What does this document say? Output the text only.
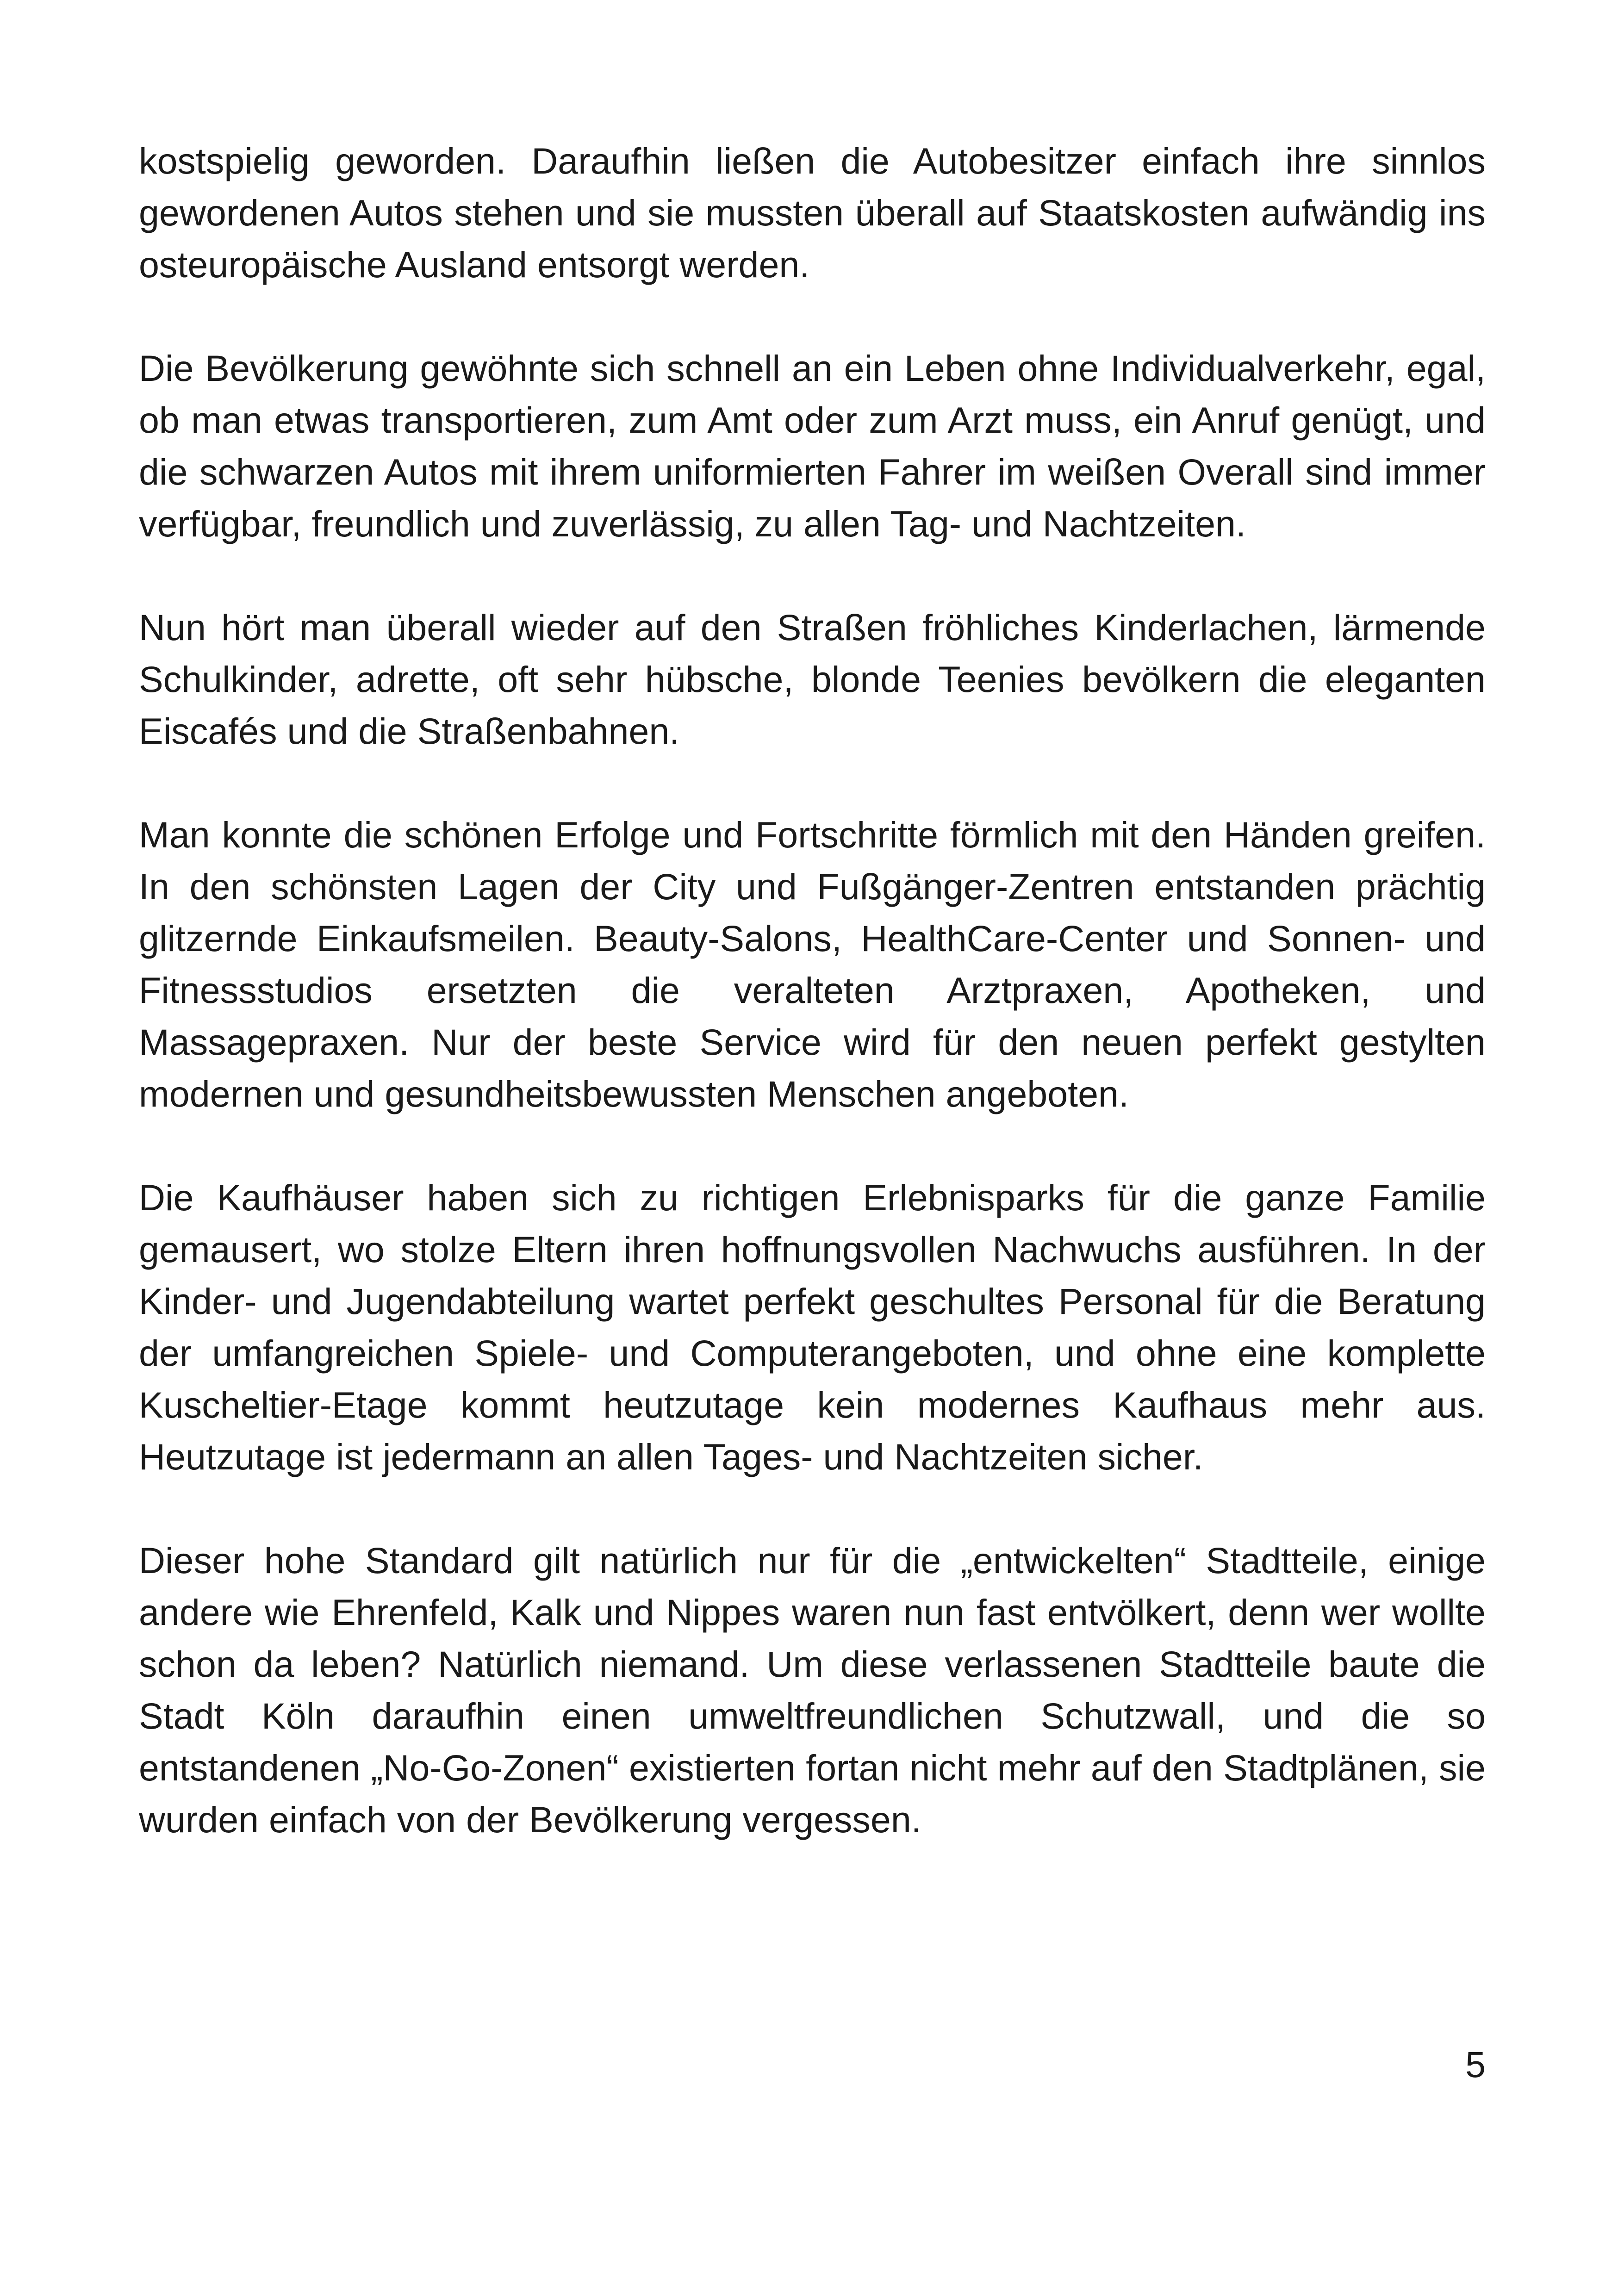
kostspielig geworden. Daraufhin ließen die Autobesitzer einfach ihre sinnlos gewordenen Autos stehen und sie mussten überall auf Staatskosten aufwändig ins osteuropäische Ausland entsorgt werden.

Die Bevölkerung gewöhnte sich schnell an ein Leben ohne Individualverkehr, egal, ob man etwas transportieren, zum Amt oder zum Arzt muss, ein Anruf genügt, und die schwarzen Autos mit ihrem uniformierten Fahrer im weißen Overall sind immer verfügbar, freundlich und zuverlässig, zu allen Tag- und Nachtzeiten.

Nun hört man überall wieder auf den Straßen fröhliches Kinderlachen, lärmende Schulkinder, adrette, oft sehr hübsche, blonde Teenies bevölkern die eleganten Eiscafés und die Straßenbahnen.

Man konnte die schönen Erfolge und Fortschritte förmlich mit den Händen greifen. In den schönsten Lagen der City und Fußgänger-Zentren entstanden prächtig glitzernde Einkaufsmeilen. Beauty-Salons, HealthCare-Center und Sonnen- und Fitnessstudios ersetzten die veralteten Arztpraxen, Apotheken, und Massagepraxen. Nur der beste Service wird für den neuen perfekt gestylten modernen und gesundheitsbewussten Menschen angeboten.

Die Kaufhäuser haben sich zu richtigen Erlebnisparks für die ganze Familie gemausert, wo stolze Eltern ihren hoffnungsvollen Nachwuchs ausführen. In der Kinder- und Jugendabteilung wartet perfekt geschultes Personal für die Beratung der umfangreichen Spiele- und Computerangeboten, und ohne eine komplette Kuscheltier-Etage kommt heutzutage kein modernes Kaufhaus mehr aus. Heutzutage ist jedermann an allen Tages- und Nachtzeiten sicher.

Dieser hohe Standard gilt natürlich nur für die „entwickelten“ Stadtteile, einige andere wie Ehrenfeld, Kalk und Nippes waren nun fast entvölkert, denn wer wollte schon da leben? Natürlich niemand. Um diese verlassenen Stadtteile baute die Stadt Köln daraufhin einen umweltfreundlichen Schutzwall, und die so entstandenen „No-Go-Zonen“ existierten fortan nicht mehr auf den Stadtplänen, sie wurden einfach von der Bevölkerung vergessen.

5
